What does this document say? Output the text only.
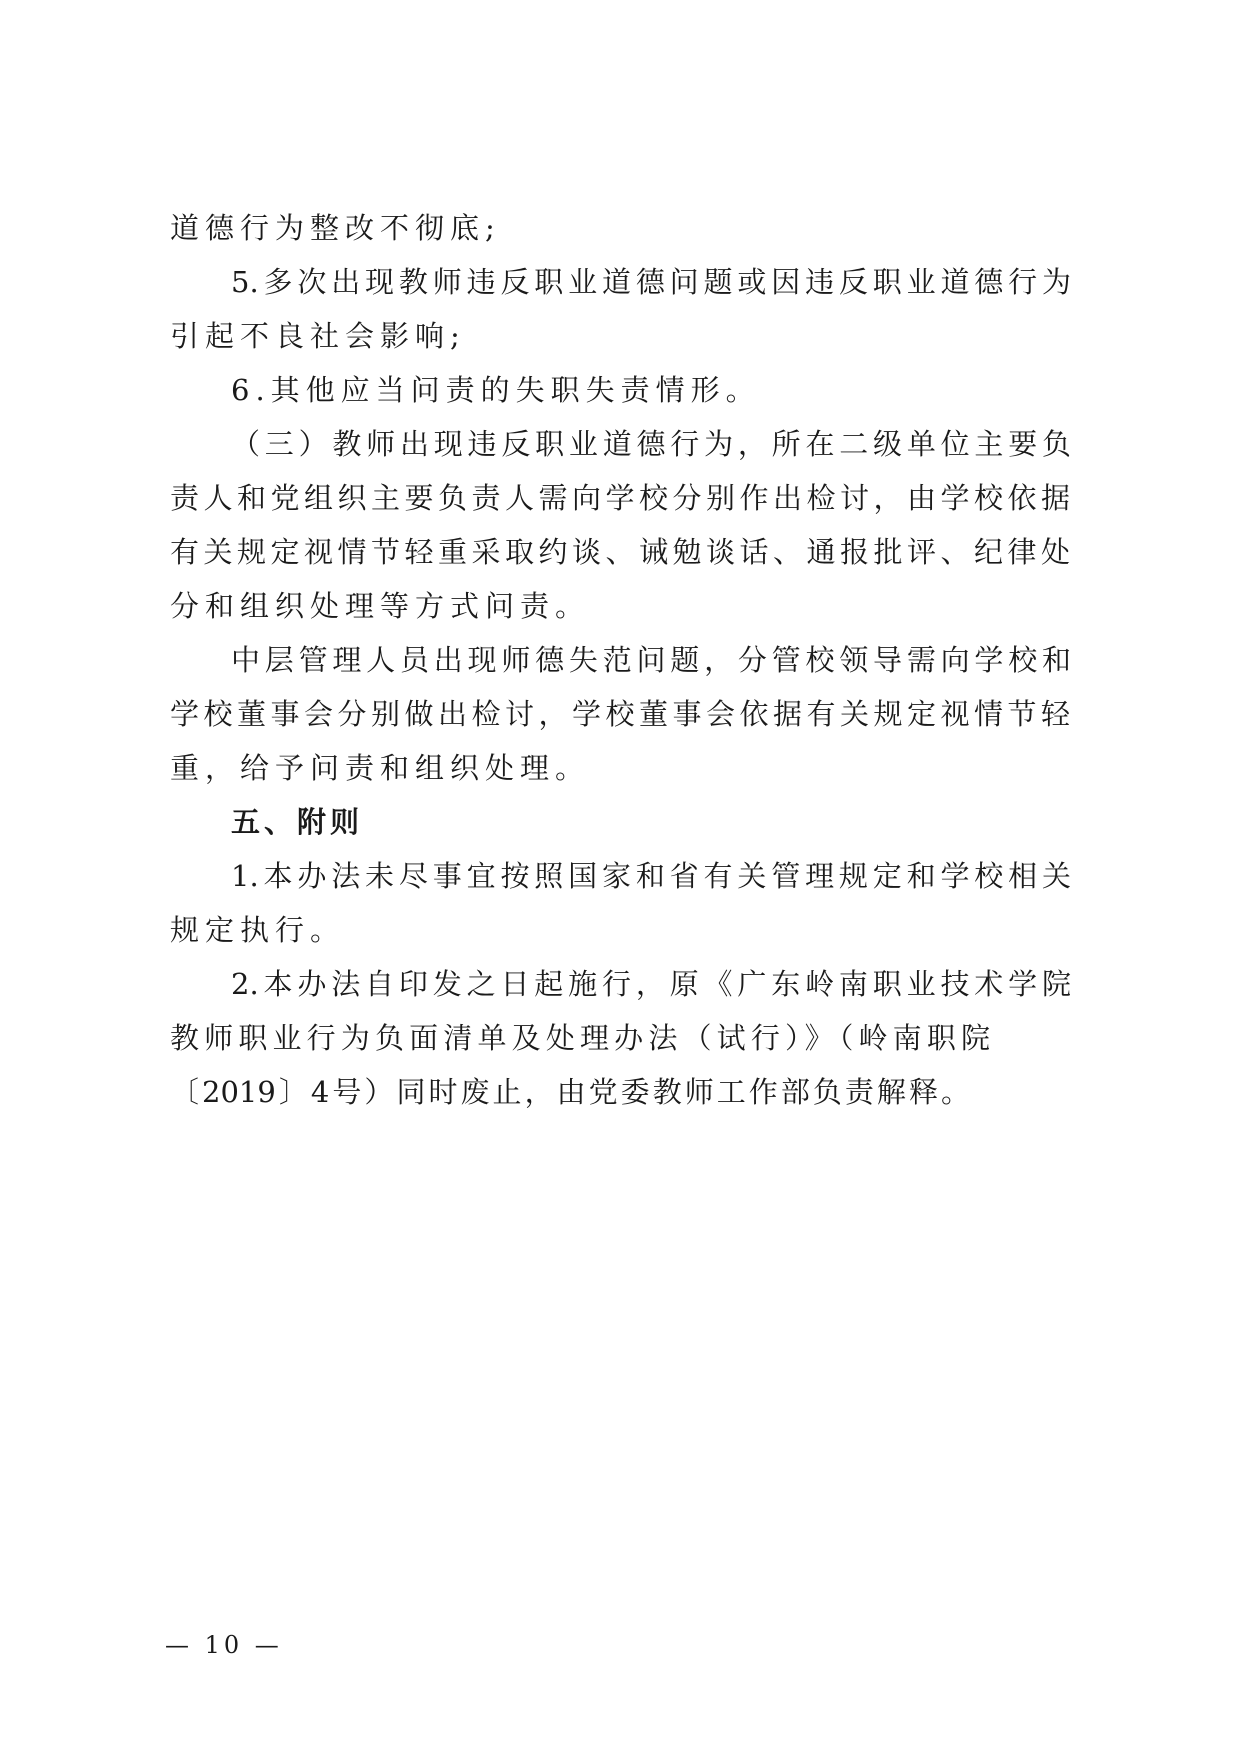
道德行为整改不彻底;
5.多次出现教师违反职业道德问题或因违反职业道德行为
引起不良社会影响;
6.其他应当问责的失职失责情形。
（三）教师出现违反职业道德行为，所在二级单位主要负
责人和党组织主要负责人需向学校分别作出检讨，由学校依据
有关规定视情节轻重采取约谈、诫勉谈话、通报批评、纪律处
分和组织处理等方式问责。
中层管理人员出现师德失范问题，分管校领导需向学校和
学校董事会分别做出检讨，学校董事会依据有关规定视情节轻
重，给予问责和组织处理。
五、附则
1.本办法未尽事宜按照国家和省有关管理规定和学校相关
规定执行。
2.本办法自印发之日起施行，原《广东岭南职业技术学院
教师职业行为负面清单及处理办法（试行）》（岭南职院
〔2019〕4号）同时废止，由党委教师工作部负责解释。
— 10 —
